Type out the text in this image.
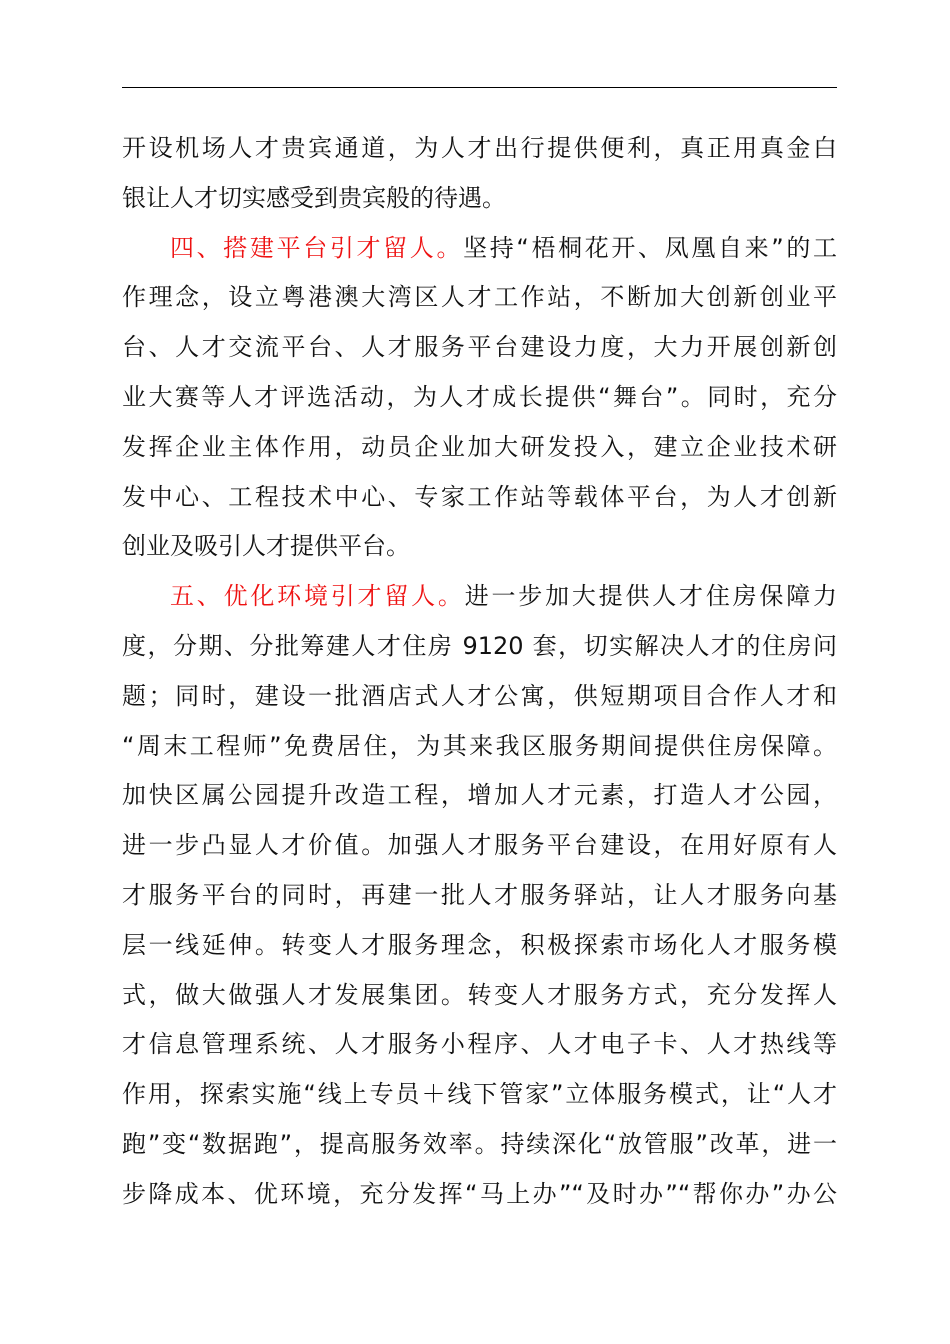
开设机场人才贵宾通道，为人才出行提供便利，真正用真金白
银让人才切实感受到贵宾般的待遇。
四、搭建平台引才留人。坚持“梧桐花开、凤凰自来”的工
作理念，设立粤港澳大湾区人才工作站，不断加大创新创业平
台、人才交流平台、人才服务平台建设力度，大力开展创新创
业大赛等人才评选活动，为人才成长提供“舞台”。同时，充分
发挥企业主体作用，动员企业加大研发投入，建立企业技术研
发中心、工程技术中心、专家工作站等载体平台，为人才创新
创业及吸引人才提供平台。
五、优化环境引才留人。进一步加大提供人才住房保障力
度，分期、分批筹建人才住房 9120 套，切实解决人才的住房问
题；同时，建设一批酒店式人才公寓，供短期项目合作人才和
“周末工程师”免费居住，为其来我区服务期间提供住房保障。
加快区属公园提升改造工程，增加人才元素，打造人才公园，
进一步凸显人才价值。加强人才服务平台建设，在用好原有人
才服务平台的同时，再建一批人才服务驿站，让人才服务向基
层一线延伸。转变人才服务理念，积极探索市场化人才服务模
式，做大做强人才发展集团。转变人才服务方式，充分发挥人
才信息管理系统、人才服务小程序、人才电子卡、人才热线等
作用，探索实施“线上专员＋线下管家”立体服务模式，让“人才
跑”变“数据跑”，提高服务效率。持续深化“放管服”改革，进一
步降成本、优环境，充分发挥“马上办”“及时办”“帮你办”办公
